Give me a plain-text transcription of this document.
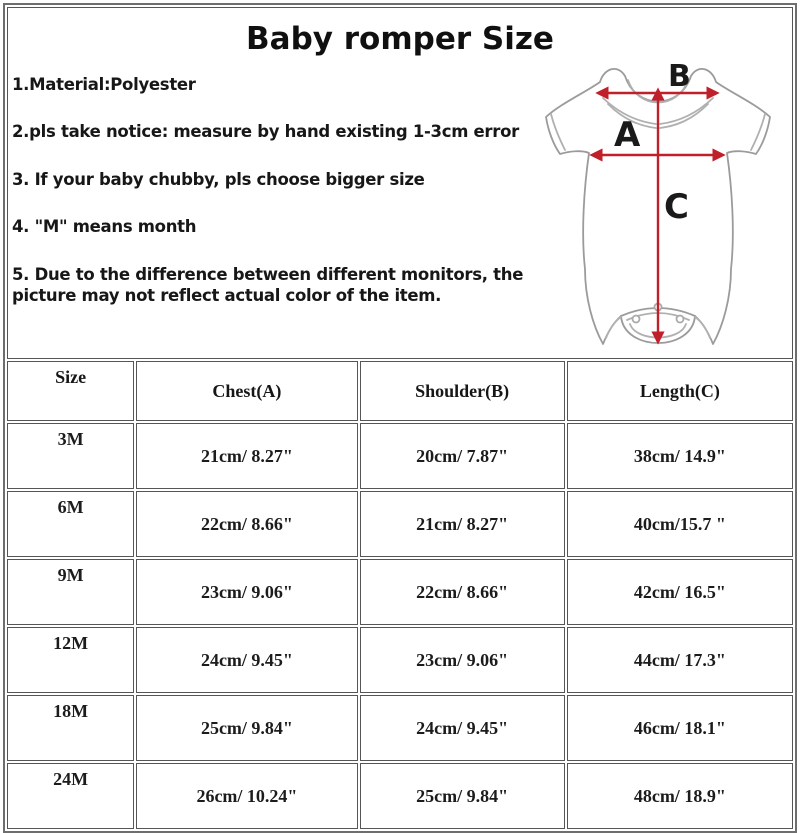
Baby romper Size

1.Material:Polyester

2.pls take notice: measure by hand existing 1-3cm error

3. If your baby chubby, pls choose bigger size

4. "M" means month

5. Due to the difference between different monitors, the picture may not reflect actual color of the item.

B
A
C

Size	Chest(A)	Shoulder(B)	Length(C)
3M	21cm/ 8.27"	20cm/ 7.87"	38cm/ 14.9"
6M	22cm/ 8.66"	21cm/ 8.27"	40cm/15.7 "
9M	23cm/ 9.06"	22cm/ 8.66"	42cm/ 16.5"
12M	24cm/ 9.45"	23cm/ 9.06"	44cm/ 17.3"
18M	25cm/ 9.84"	24cm/ 9.45"	46cm/ 18.1"
24M	26cm/ 10.24"	25cm/ 9.84"	48cm/ 18.9"
